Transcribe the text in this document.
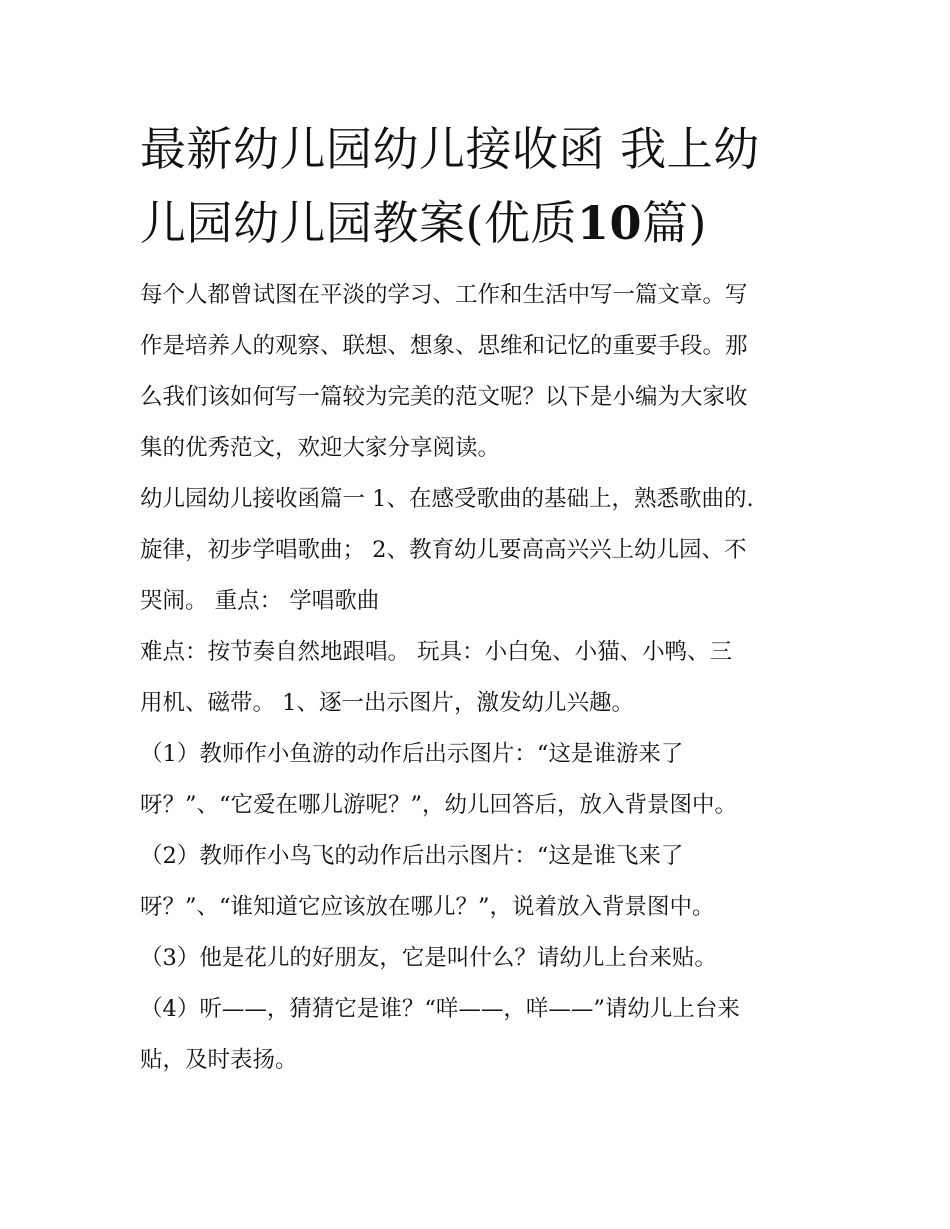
最新幼儿园幼儿接收函 我上幼
儿园幼儿园教案(优质10篇)

每个人都曾试图在平淡的学习、工作和生活中写一篇文章。写
作是培养人的观察、联想、想象、思维和记忆的重要手段。那
么我们该如何写一篇较为完美的范文呢？以下是小编为大家收
集的优秀范文，欢迎大家分享阅读。

幼儿园幼儿接收函篇一 1、在感受歌曲的基础上，熟悉歌曲的.
旋律，初步学唱歌曲； 2、教育幼儿要高高兴兴上幼儿园、不
哭闹。 重点： 学唱歌曲

难点：按节奏自然地跟唱。 玩具：小白兔、小猫、小鸭、三
用机、磁带。 1、逐一出示图片，激发幼儿兴趣。

（1）教师作小鱼游的动作后出示图片：“这是谁游来了
呀？”、“它爱在哪儿游呢？”，幼儿回答后，放入背景图中。

（2）教师作小鸟飞的动作后出示图片：“这是谁飞来了
呀？”、“谁知道它应该放在哪儿？”，说着放入背景图中。

（3）他是花儿的好朋友，它是叫什么？请幼儿上台来贴。

（4）听——，猜猜它是谁？“咩——，咩——”请幼儿上台来
贴，及时表扬。
